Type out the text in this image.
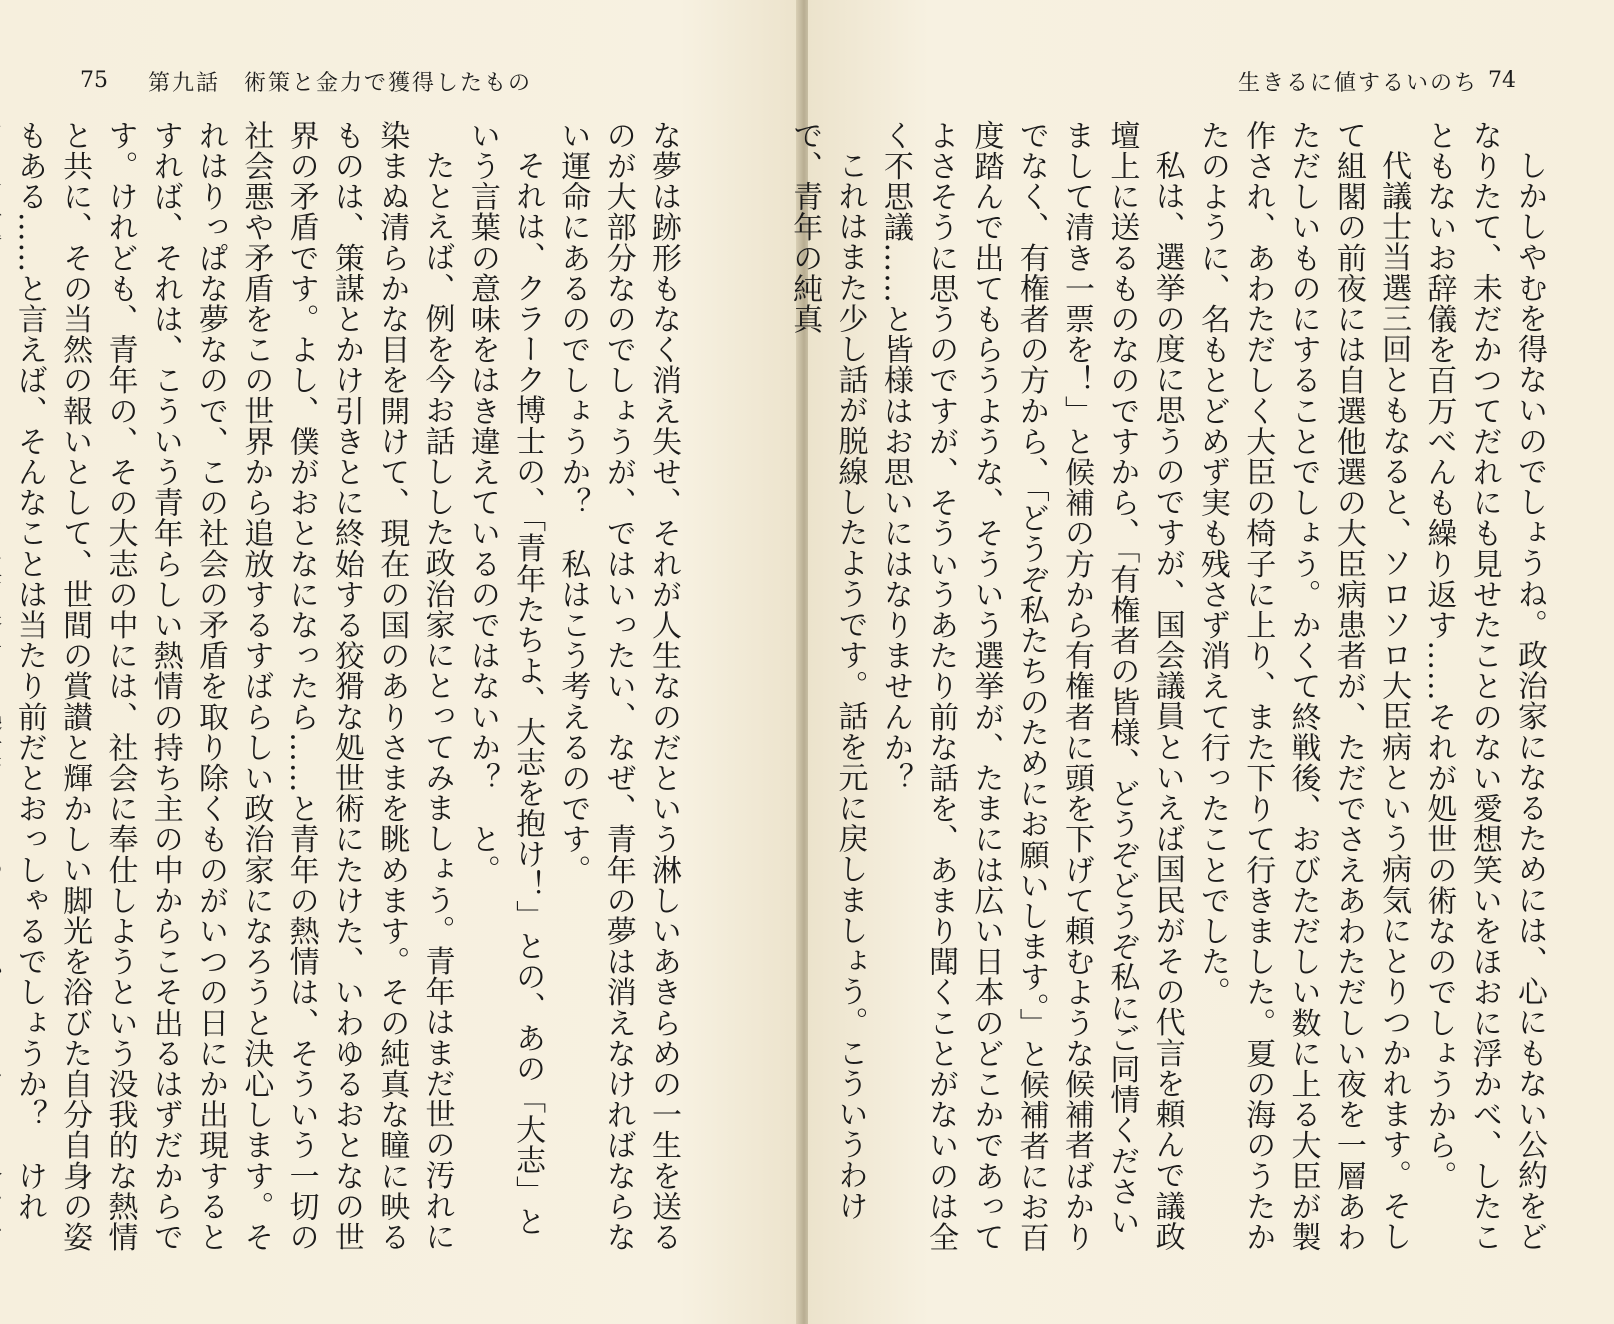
75 第九話　術策と金力で獲得したもの

な夢は跡形もなく消え失せ、それが人生なのだという淋しいあきらめの一生を送るのが大部分なのでしょうが、ではいったい、なぜ、青年の夢は消えなければならない運命にあるのでしょうか？　私はこう考えるのです。

それは、クラーク博士の、「青年たちよ、大志を抱け！」との、あの「大志」という言葉の意味をはき違えているのではないか？　と。

たとえば、例を今お話しした政治家にとってみましょう。青年はまだ世の汚れに染まぬ清らかな目を開けて、現在の国のありさまを眺めます。その純真な瞳に映るものは、策謀とかけ引きとに終始する狡猾な処世術にたけた、いわゆるおとなの世界の矛盾です。よし、僕がおとなになったら……と青年の熱情は、そういう一切の社会悪や矛盾をこの世界から追放するすばらしい政治家になろうと決心します。それはりっぱな夢なので、この社会の矛盾を取り除くものがいつの日にか出現するとすれば、それは、こういう青年らしい熱情の持ち主の中からこそ出るはずだからです。けれども、青年の、その大志の中には、社会に奉仕しようという没我的な熱情と共に、その当然の報いとして、世間の賞讃と輝かしい脚光を浴びた自分自身の姿もある……と言えば、そんなことは当たり前だとおっしゃるでしょうか？　けれ

生きるに値するいのち 74

しかしやむを得ないのでしょうね。政治家になるためには、心にもない公約をどなりたて、未だかつてだれにも見せたことのない愛想笑いをほおに浮かべ、したこともないお辞儀を百万べんも繰り返す……それが処世の術なのでしょうから。

代議士当選三回ともなると、ソロソロ大臣病という病気にとりつかれます。そして組閣の前夜には自選他選の大臣病患者が、ただでさえあわただしい夜を一層あわただしいものにすることでしょう。かくて終戦後、おびただしい数に上る大臣が製作され、あわただしく大臣の椅子に上り、また下りて行きました。夏の海のうたかたのように、名もとどめず実も残さず消えて行ったことでした。

私は、選挙の度に思うのですが、国会議員といえば国民がその代言を頼んで議政壇上に送るものなのですから、「有権者の皆様、どうぞどうぞ私にご同情くださいまして清き一票を！」と候補の方から有権者に頭を下げて頼むような候補者ばかりでなく、有権者の方から、「どうぞ私たちのためにお願いします。」と候補者にお百度踏んで出てもらうような、そういう選挙が、たまには広い日本のどこかであってよさそうに思うのですが、そういうあたり前な話を、あまり聞くことがないのは全く不思議……と皆様はお思いにはなりませんか？

これはまた少し話が脱線したようです。話を元に戻しましょう。こういうわけで、青年の純真
